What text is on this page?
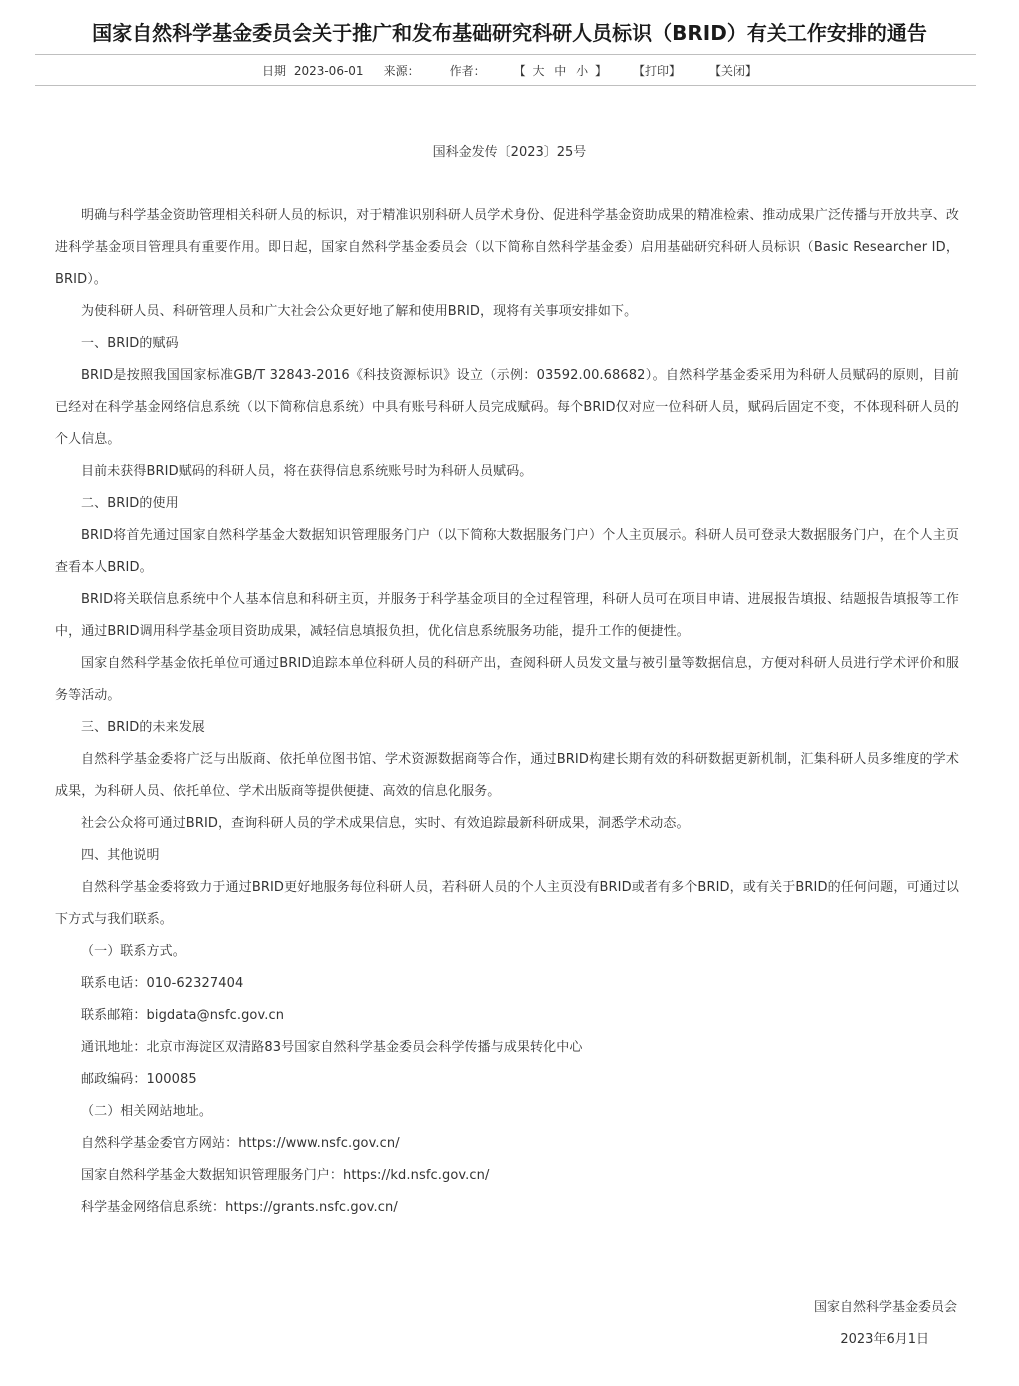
国家自然科学基金委员会关于推广和发布基础研究科研人员标识（BRID）有关工作安排的通告
日期 2023-06-01 来源：	作者： 【 大 中 小 】 【打印】 【关闭】
国科金发传〔2023〕25号

明确与科学基金资助管理相关科研人员的标识，对于精准识别科研人员学术身份、促进科学基金资助成果的精准检索、推动成果广泛传播与开放共享、改进科学基金项目管理具有重要作用。即日起，国家自然科学基金委员会（以下简称自然科学基金委）启用基础研究科研人员标识（Basic Researcher ID，BRID）。

为使科研人员、科研管理人员和广大社会公众更好地了解和使用BRID，现将有关事项安排如下。

一、BRID的赋码

BRID是按照我国国家标准GB/T 32843-2016《科技资源标识》设立（示例：03592.00.68682）。自然科学基金委采用为科研人员赋码的原则，目前已经对在科学基金网络信息系统（以下简称信息系统）中具有账号科研人员完成赋码。每个BRID仅对应一位科研人员，赋码后固定不变，不体现科研人员的个人信息。

目前未获得BRID赋码的科研人员，将在获得信息系统账号时为科研人员赋码。

二、BRID的使用

BRID将首先通过国家自然科学基金大数据知识管理服务门户（以下简称大数据服务门户）个人主页展示。科研人员可登录大数据服务门户，在个人主页查看本人BRID。

BRID将关联信息系统中个人基本信息和科研主页，并服务于科学基金项目的全过程管理，科研人员可在项目申请、进展报告填报、结题报告填报等工作中，通过BRID调用科学基金项目资助成果，减轻信息填报负担，优化信息系统服务功能，提升工作的便捷性。

国家自然科学基金依托单位可通过BRID追踪本单位科研人员的科研产出，查阅科研人员发文量与被引量等数据信息，方便对科研人员进行学术评价和服务等活动。

三、BRID的未来发展

自然科学基金委将广泛与出版商、依托单位图书馆、学术资源数据商等合作，通过BRID构建长期有效的科研数据更新机制，汇集科研人员多维度的学术成果，为科研人员、依托单位、学术出版商等提供便捷、高效的信息化服务。

社会公众将可通过BRID，查询科研人员的学术成果信息，实时、有效追踪最新科研成果，洞悉学术动态。

四、其他说明

自然科学基金委将致力于通过BRID更好地服务每位科研人员，若科研人员的个人主页没有BRID或者有多个BRID，或有关于BRID的任何问题，可通过以下方式与我们联系。

（一）联系方式。

联系电话：010-62327404

联系邮箱：bigdata@nsfc.gov.cn

通讯地址：北京市海淀区双清路83号国家自然科学基金委员会科学传播与成果转化中心

邮政编码：100085

（二）相关网站地址。

自然科学基金委官方网站：https://www.nsfc.gov.cn/

国家自然科学基金大数据知识管理服务门户：https://kd.nsfc.gov.cn/

科学基金网络信息系统：https://grants.nsfc.gov.cn/

国家自然科学基金委员会
2023年6月1日
